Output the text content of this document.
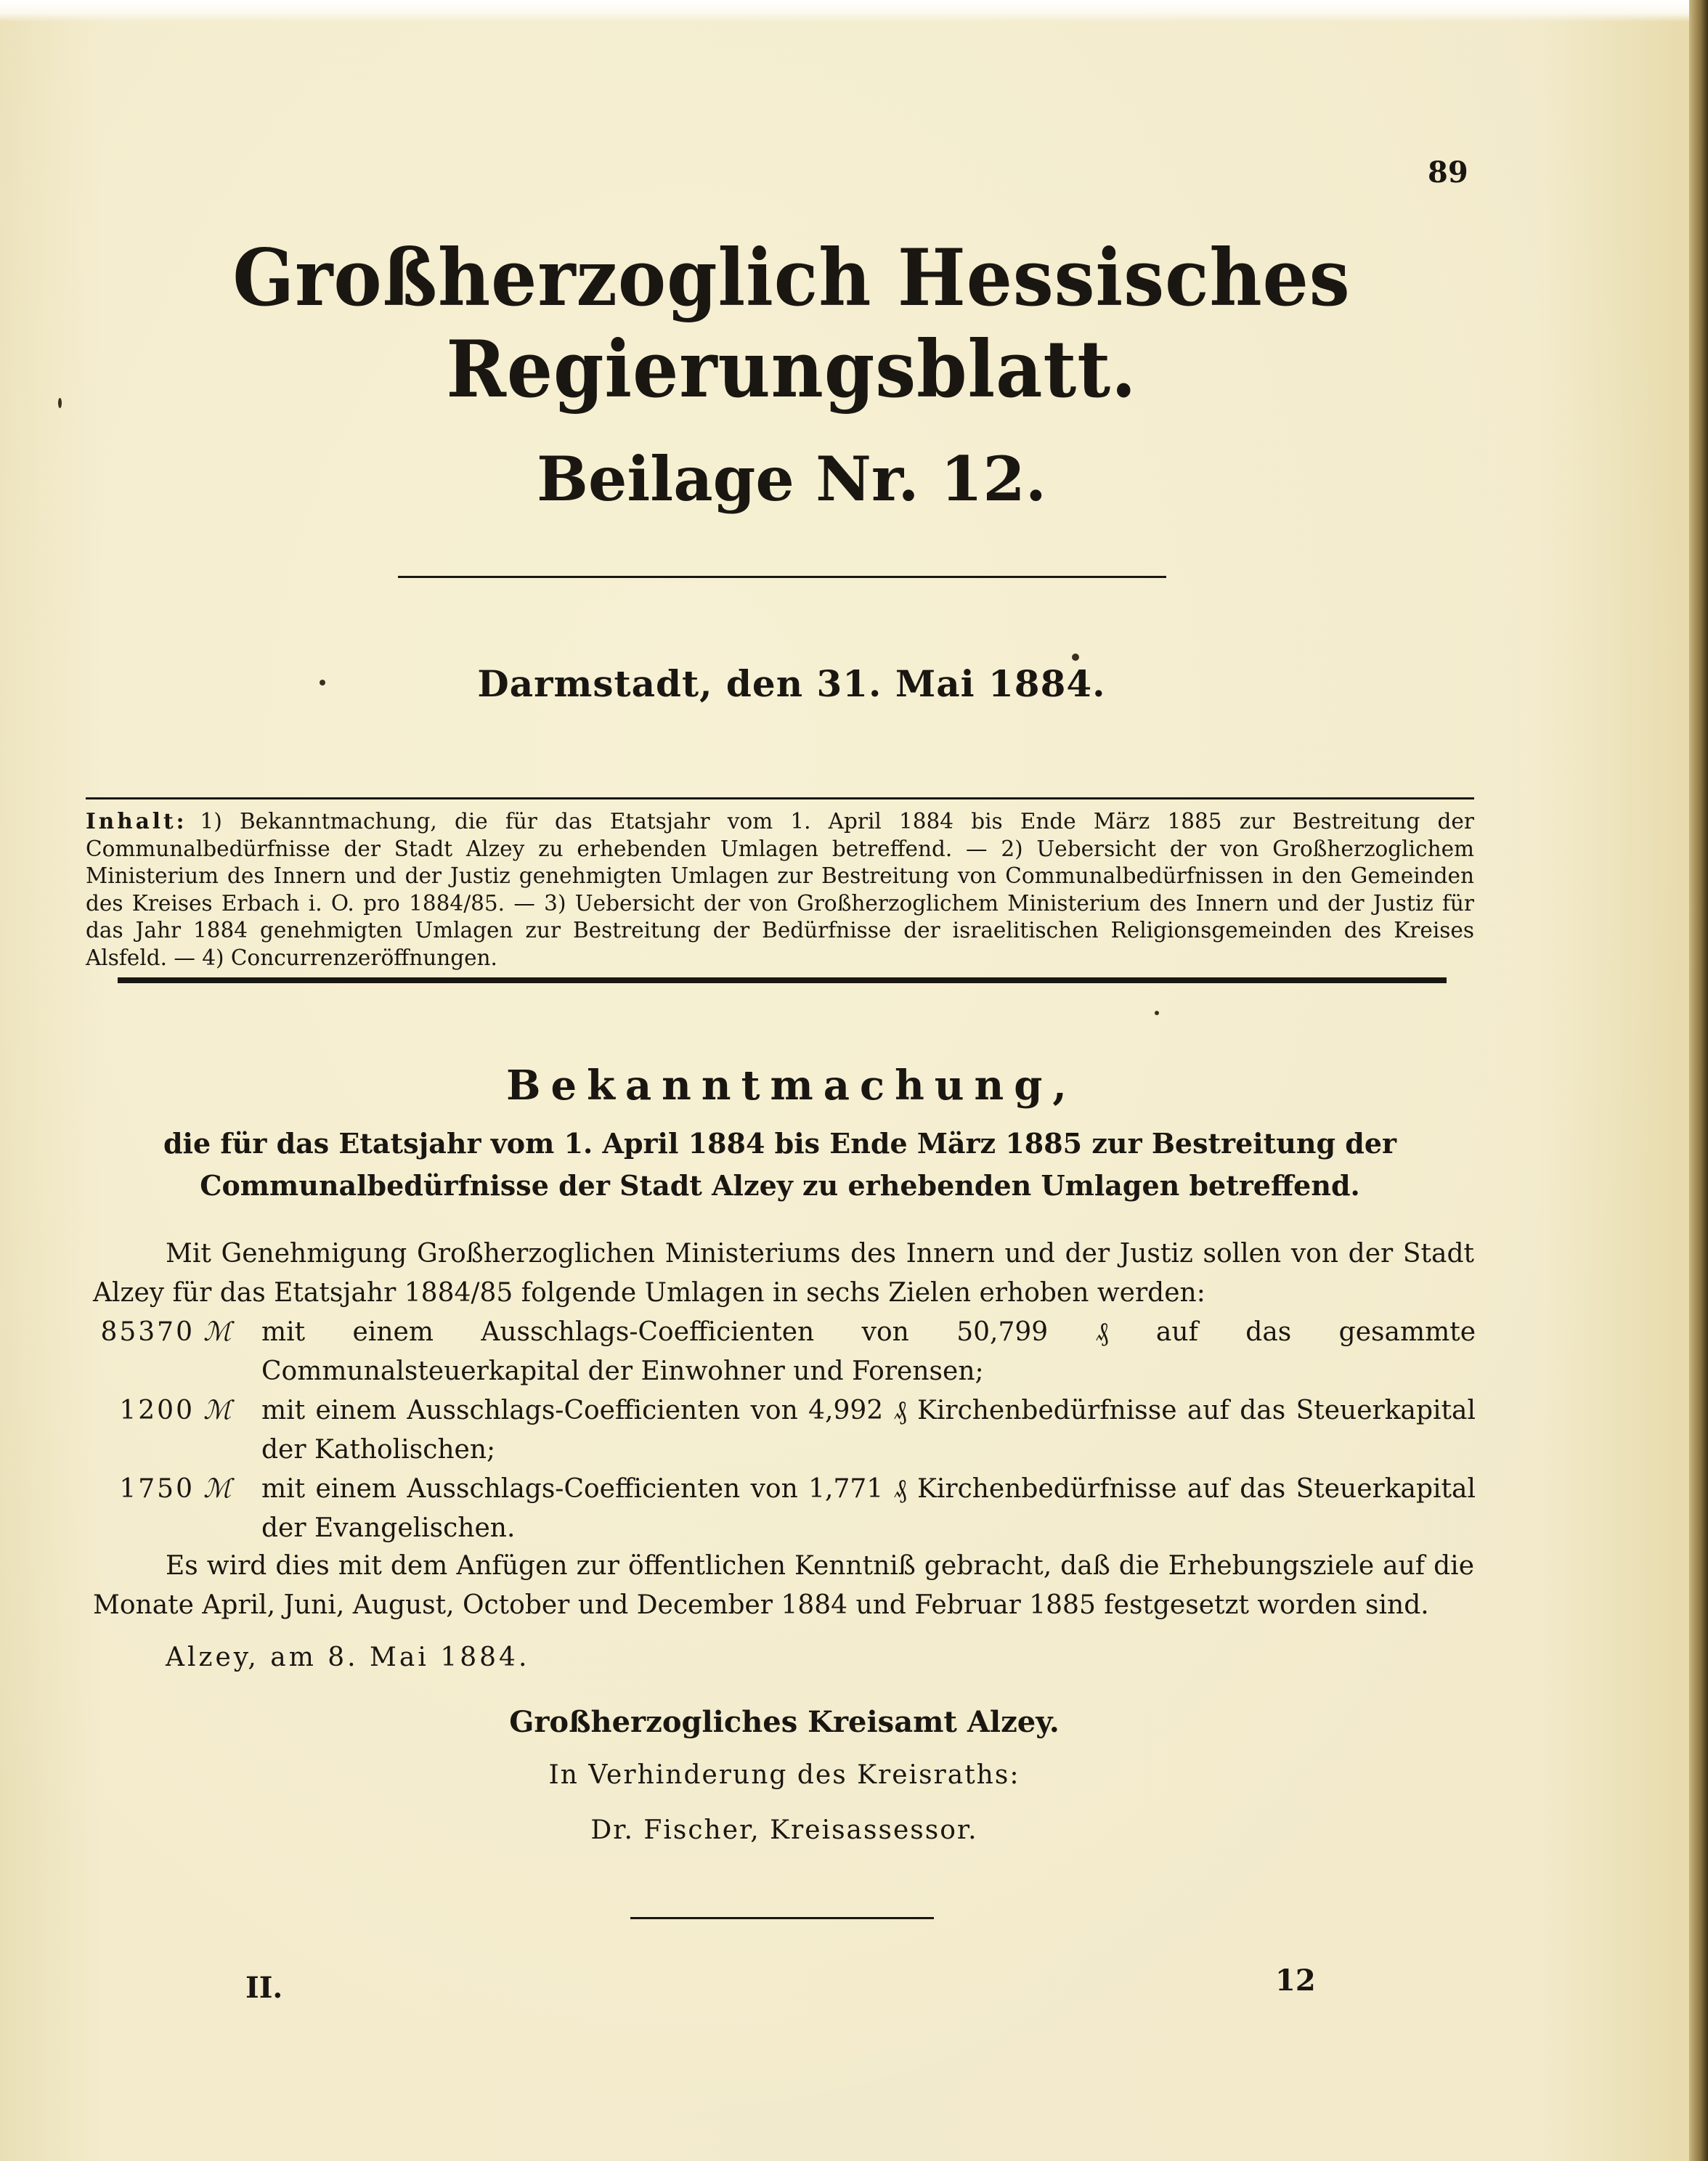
89
Großherzoglich Hessisches Regierungsblatt.
Beilage Nr. 12.
Darmstadt, den 31. Mai 1884.
Inhalt: 1) Bekanntmachung, die für das Etatsjahr vom 1. April 1884 bis Ende März 1885 zur Bestreitung der Communalbedürfnisse der Stadt Alzey zu erhebenden Umlagen betreffend. — 2) Uebersicht der von Großherzoglichem Ministerium des Innern und der Justiz genehmigten Umlagen zur Bestreitung von Communalbedürfnissen in den Gemeinden des Kreises Erbach i. O. pro 1884/85. — 3) Uebersicht der von Großherzoglichem Ministerium des Innern und der Justiz für das Jahr 1884 genehmigten Umlagen zur Bestreitung der Bedürfnisse der israelitischen Religionsgemeinden des Kreises Alsfeld. — 4) Concurrenzeröffnungen.
Bekanntmachung,
die für das Etatsjahr vom 1. April 1884 bis Ende März 1885 zur Bestreitung der Communalbedürfnisse der Stadt Alzey zu erhebenden Umlagen betreffend.
Mit Genehmigung Großherzoglichen Ministeriums des Innern und der Justiz sollen von der Stadt Alzey für das Etatsjahr 1884/85 folgende Umlagen in sechs Zielen erhoben werden:
85370 ℳ	mit einem Ausschlags-Coefficienten von 50,799 ₰ auf das gesammte Communalsteuerkapital der Einwohner und Forensen;
1200 ℳ	mit einem Ausschlags-Coefficienten von 4,992 ₰ Kirchenbedürfnisse auf das Steuerkapital der Katholischen;
1750 ℳ	mit einem Ausschlags-Coefficienten von 1,771 ₰ Kirchenbedürfnisse auf das Steuerkapital der Evangelischen.
Es wird dies mit dem Anfügen zur öffentlichen Kenntniß gebracht, daß die Erhebungsziele auf die Monate April, Juni, August, October und December 1884 und Februar 1885 festgesetzt worden sind.
Alzey, am 8. Mai 1884.
Großherzogliches Kreisamt Alzey.
In Verhinderung des Kreisraths:
Dr. Fischer, Kreisassessor.
II.	12
